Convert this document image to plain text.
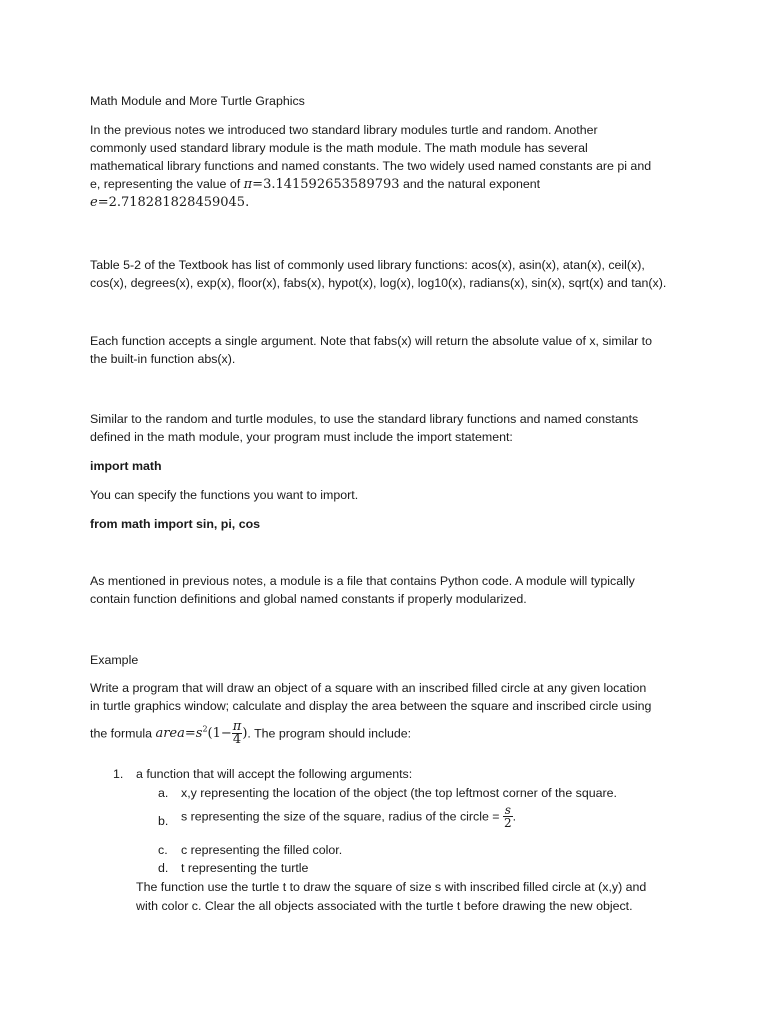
Math Module and More Turtle Graphics

In the previous notes we introduced two standard library modules turtle and random. Another

commonly used standard library module is the math module. The math module has several

mathematical library functions and named constants. The two widely used named constants are pi and

e, representing the value of π=3.141592653589793 and the natural exponent

e=2.718281828459045.

Table 5-2 of the Textbook has list of commonly used library functions: acos(x), asin(x), atan(x), ceil(x),

cos(x), degrees(x), exp(x), floor(x), fabs(x), hypot(x), log(x), log10(x), radians(x), sin(x), sqrt(x) and tan(x).

Each function accepts a single argument. Note that fabs(x) will return the absolute value of x, similar to

the built-in function abs(x).

Similar to the random and turtle modules, to use the standard library functions and named constants

defined in the math module, your program must include the import statement:

import math

You can specify the functions you want to import.

from math import sin, pi, cos

As mentioned in previous notes, a module is a file that contains Python code. A module will typically

contain function definitions and global named constants if properly modularized.

Example

Write a program that will draw an object of a square with an inscribed filled circle at any given location

in turtle graphics window; calculate and display the area between the square and inscribed circle using

the formula $area=s^2(1- \frac{\pi}{4}$ ). The program should include:

1. a function that will accept the following arguments:

a. x,y representing the location of the object (the top leftmost corner of the square.

b. s representing the size of the square, radius of the circle = $\frac{s}{2}$ .

c. c representing the filled color.

d. t representing the turtle

The function use the turtle t to draw the square of size s with inscribed filled circle at (x,y) and

with color c. Clear the all objects associated with the turtle t before drawing the new object.
